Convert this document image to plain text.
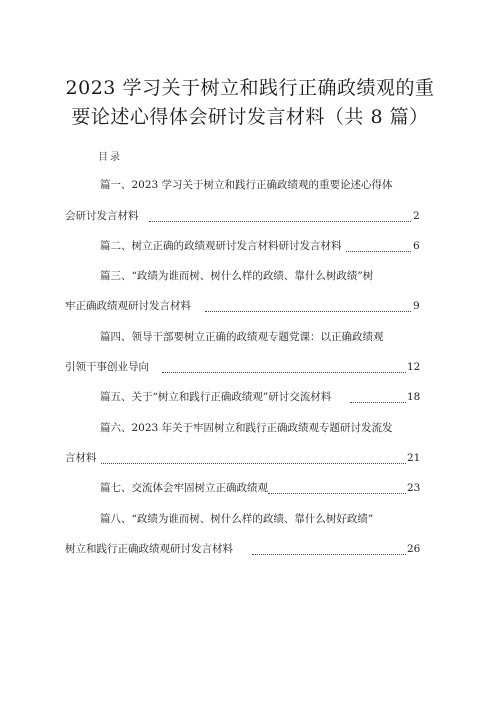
2023 学习关于树立和践行正确政绩观的重
要论述心得体会研讨发言材料（共 8 篇）
目录
篇一、2023 学习关于树立和践行正确政绩观的重要论述心得体
会研讨发言材料	2
篇二、树立正确的政绩观研讨发言材料研讨发言材料	6
篇三、“政绩为谁而树、树什么样的政绩、靠什么树政绩”树
牢正确政绩观研讨发言材料	9
篇四、领导干部要树立正确的政绩观专题党课：以正确政绩观
引领干事创业导向	12
篇五、关于“树立和践行正确政绩观”研讨交流材料	18
篇六、2023 年关于牢固树立和践行正确政绩观专题研讨发流发
言材料	21
篇七、交流体会牢固树立正确政绩观	23
篇八、“政绩为谁而树、树什么样的政绩、靠什么树好政绩”
树立和践行正确政绩观研讨发言材料	26
